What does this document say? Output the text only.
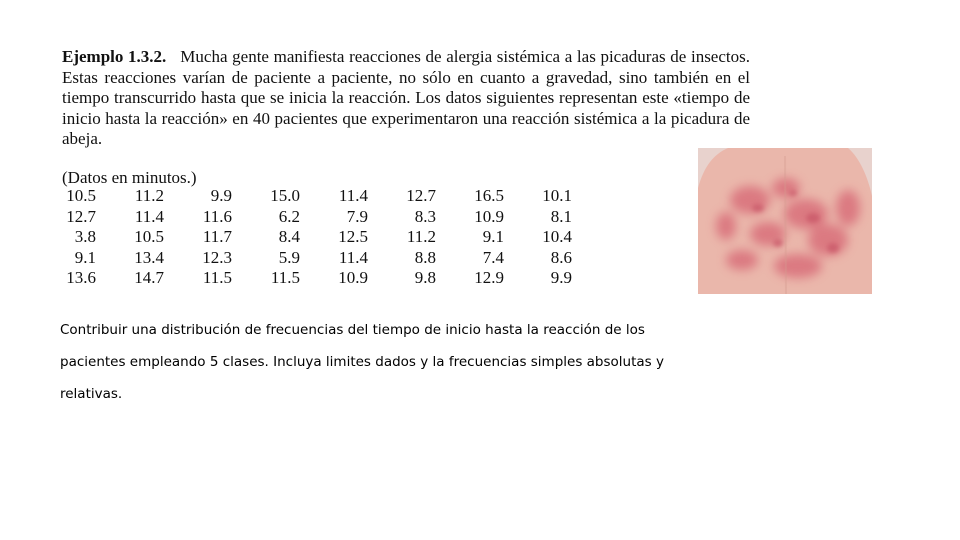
Ejemplo 1.3.2. Mucha gente manifiesta reacciones de alergia sistémica a las picaduras de insectos. Estas reacciones varían de paciente a paciente, no sólo en cuanto a gravedad, sino también en el tiempo transcurrido hasta que se inicia la reacción. Los datos siguientes representan este «tiempo de inicio hasta la reacción» en 40 pacientes que experimentaron una reacción sistémica a la picadura de abeja.
(Datos en minutos.)
10.5	11.2	9.9	15.0	11.4	12.7	16.5	10.1
12.7	11.4	11.6	6.2	7.9	8.3	10.9	8.1
3.8	10.5	11.7	8.4	12.5	11.2	9.1	10.4
9.1	13.4	12.3	5.9	11.4	8.8	7.4	8.6
13.6	14.7	11.5	11.5	10.9	9.8	12.9	9.9
Contribuir una distribución de frecuencias del tiempo de inicio hasta la reacción de los
pacientes empleando 5 clases. Incluya limites dados y la frecuencias simples absolutas y
relativas.
